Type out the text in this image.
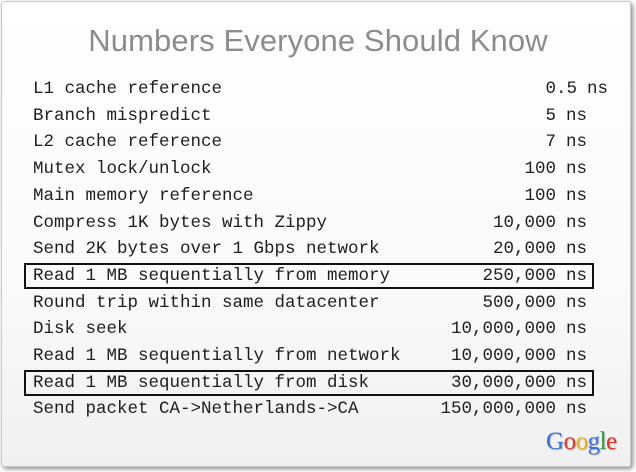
Numbers Everyone Should Know
L1 cache reference	0.5 ns
Branch mispredict	5 ns
L2 cache reference	7 ns
Mutex lock/unlock	100 ns
Main memory reference	100 ns
Compress 1K bytes with Zippy	10,000 ns
Send 2K bytes over 1 Gbps network	20,000 ns
Read 1 MB sequentially from memory	250,000 ns
Round trip within same datacenter	500,000 ns
Disk seek	10,000,000 ns
Read 1 MB sequentially from network	10,000,000 ns
Read 1 MB sequentially from disk	30,000,000 ns
Send packet CA->Netherlands->CA	150,000,000 ns
Google
